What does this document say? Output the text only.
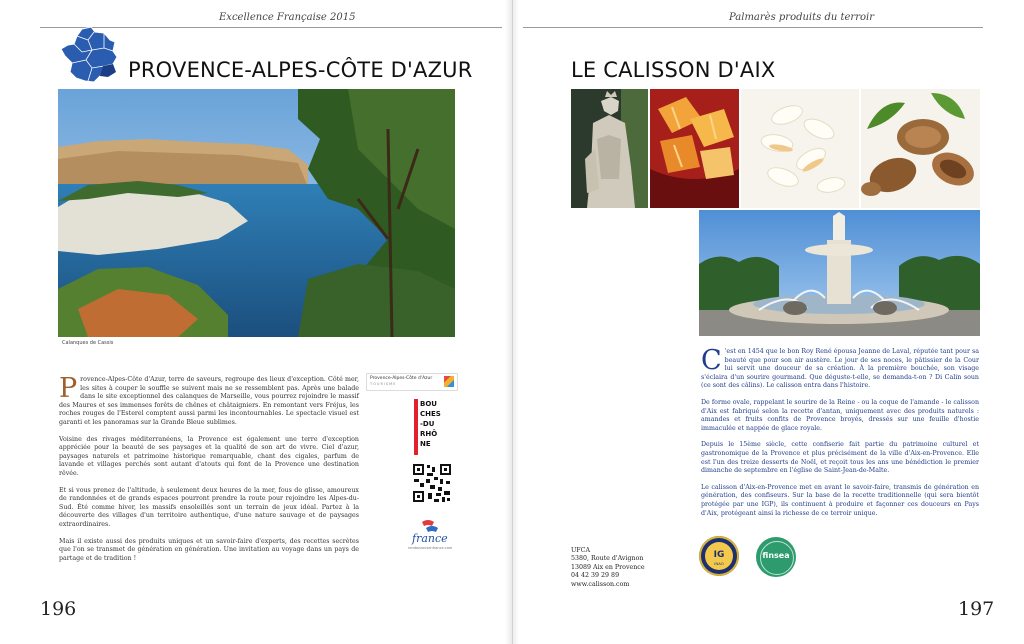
Excellence Française 2015
PROVENCE-ALPES-CÔTE D'AZUR
Calanques de Cassis

Provence-Alpes-Côte d'Azur, terre de saveurs, regroupe des lieux d'exception. Côté mer, les sites à couper le souffle se suivent mais ne se ressemblent pas. Après une balade dans le site exceptionnel des calanques de Marseille, vous pourrez rejoindre le massif des Maures et ses immenses forêts de chênes et châtaigniers. En remontant vers Fréjus, les roches rouges de l'Esterel comptent aussi parmi les incontournables. Le spectacle visuel est garanti et les panoramas sur la Grande Bleue sublimes.

Voisine des rivages méditerranéens, la Provence est également une terre d'exception appréciée pour la beauté de ses paysages et la qualité de son art de vivre. Ciel d'azur, paysages naturels et patrimoine historique remarquable, chant des cigales, parfum de lavande et villages perchés sont autant d'atouts qui font de la Provence une destination rêvée.

Et si vous prenez de l'altitude, à seulement deux heures de la mer, fous de glisse, amoureux de randonnées et de grands espaces pourront prendre la route pour rejoindre les Alpes-du-Sud. Été comme hiver, les massifs ensoleillés sont un terrain de jeux idéal. Partez à la découverte des villages d'un territoire authentique, d'une nature sauvage et de paysages extraordinaires.

Mais il existe aussi des produits uniques et un savoir-faire d'experts, des recettes secrètes que l'on se transmet de génération en génération. Une invitation au voyage dans un pays de partage et de tradition !

Provence-Alpes-Côte d'Azur
TOURISME
BOU
CHES
-DU
RHÔ
NE
france
rendezvousenfrance.com
196
Palmarès produits du terroir
LE CALISSON D'AIX

C 'est en 1454 que le bon Roy René épousa Jeanne de Laval, réputée tant pour sa beauté que pour son air austère. Le jour de ses noces, le pâtissier de la Cour lui servit une douceur de sa création. À la première bouchée, son visage s'éclaira d'un sourire gourmand. Que déguste-t-elle, se demanda-t-on ? Di Calin soun (ce sont des câlins). Le calisson entra dans l'histoire.

De forme ovale, rappelant le sourire de la Reine - ou la coque de l'amande - le calisson d'Aix est fabriqué selon la recette d'antan, uniquement avec des produits naturels : amandes et fruits confits de Provence broyés, dressés sur une feuille d'hostie immaculée et nappée de glace royale.

Depuis le 15ème siècle, cette confiserie fait partie du patrimoine culturel et gastronomique de la Provence et plus précisément de la ville d'Aix-en-Provence. Elle est l'un des treize desserts de Noël, et reçoit tous les ans une bénédiction le premier dimanche de septembre en l'église de Saint-Jean-de-Malte.

Le calisson d'Aix-en-Provence met en avant le savoir-faire, transmis de génération en génération, des confiseurs. Sur la base de la recette traditionnelle (qui sera bientôt protégée par une IGP), ils continuent à produire et façonner ces douceurs en Pays d'Aix, protégeant ainsi la richesse de ce terroir unique.

UFCA
5380, Route d'Avignon
13089 Aix en Provence
04 42 39 29 89
www.calisson.com
IG
INAO
finsea
197
